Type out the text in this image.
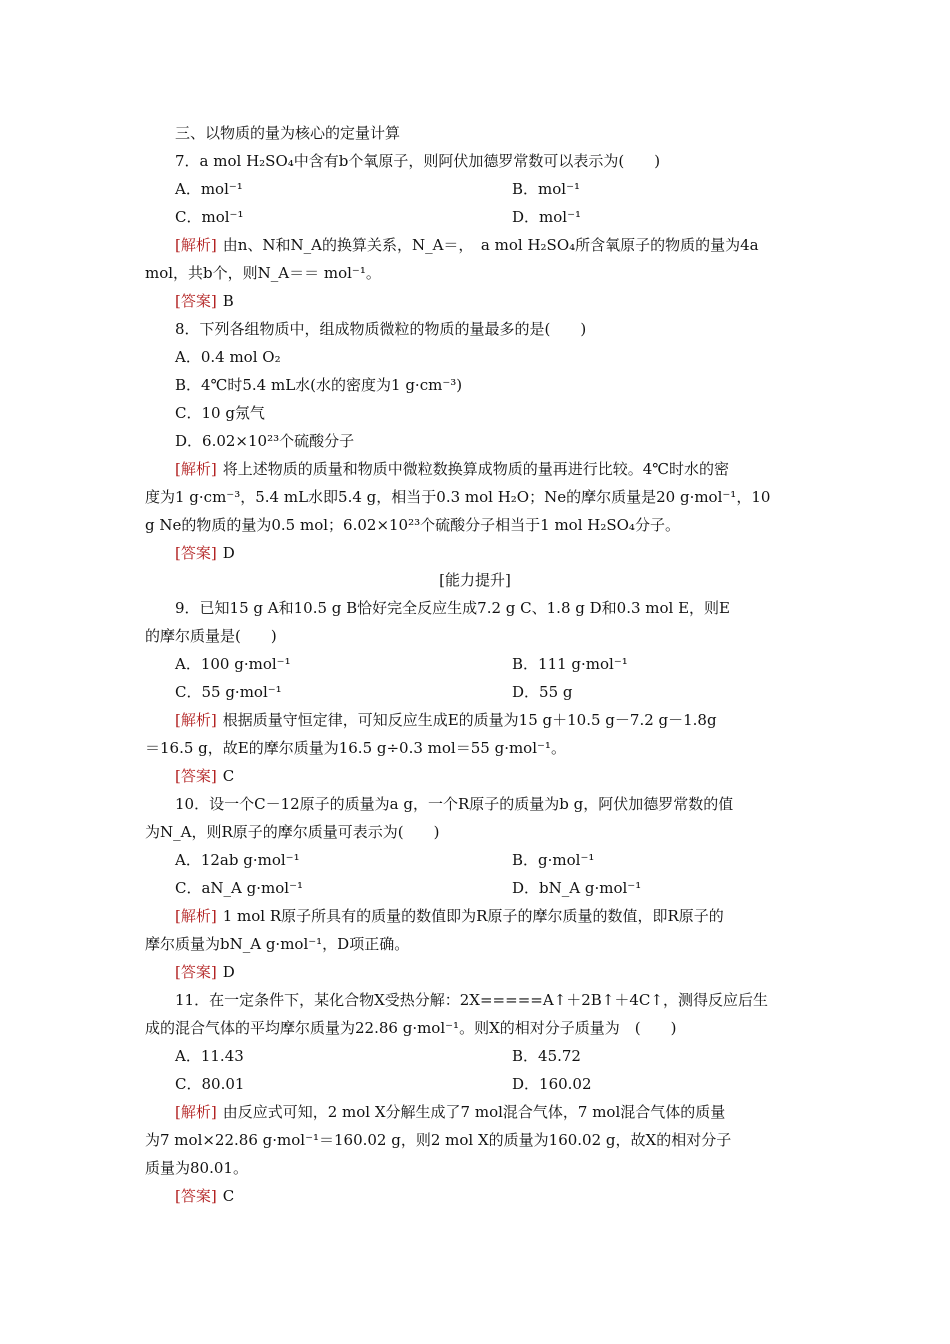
三、以物质的量为核心的定量计算
7．a mol H₂SO₄中含有b个氧原子，则阿伏加德罗常数可以表示为(　　)
A．mol⁻¹	B．mol⁻¹
C．mol⁻¹	D．mol⁻¹
[解析] 由n、N和N_A的换算关系，N_A＝，　a mol H₂SO₄所含氧原子的物质的量为4a
mol，共b个，则N_A＝＝ mol⁻¹。
[答案] B
8．下列各组物质中，组成物质微粒的物质的量最多的是(　　)
A．0.4 mol O₂
B．4℃时5.4 mL水(水的密度为1 g·cm⁻³)
C．10 g氖气
D．6.02×10²³个硫酸分子
[解析] 将上述物质的质量和物质中微粒数换算成物质的量再进行比较。4℃时水的密
度为1 g·cm⁻³，5.4 mL水即5.4 g，相当于0.3 mol H₂O；Ne的摩尔质量是20 g·mol⁻¹，10
g Ne的物质的量为0.5 mol；6.02×10²³个硫酸分子相当于1 mol H₂SO₄分子。
[答案] D
[能力提升]
9．已知15 g A和10.5 g B恰好完全反应生成7.2 g C、1.8 g D和0.3 mol E，则E
的摩尔质量是(　　)
A．100 g·mol⁻¹	B．111 g·mol⁻¹
C．55 g·mol⁻¹	D．55 g
[解析] 根据质量守恒定律，可知反应生成E的质量为15 g＋10.5 g－7.2 g－1.8g
＝16.5 g，故E的摩尔质量为16.5 g÷0.3 mol＝55 g·mol⁻¹。
[答案] C
10．设一个C－12原子的质量为a g，一个R原子的质量为b g，阿伏加德罗常数的值
为N_A，则R原子的摩尔质量可表示为(　　)
A．12ab g·mol⁻¹	B．g·mol⁻¹
C．aN_A g·mol⁻¹	D．bN_A g·mol⁻¹
[解析] 1 mol R原子所具有的质量的数值即为R原子的摩尔质量的数值，即R原子的
摩尔质量为bN_A g·mol⁻¹，D项正确。
[答案] D
11．在一定条件下，某化合物X受热分解：2X=====A↑＋2B↑＋4C↑，测得反应后生
成的混合气体的平均摩尔质量为22.86 g·mol⁻¹。则X的相对分子质量为　(　　)
A．11.43	B．45.72
C．80.01	D．160.02
[解析] 由反应式可知，2 mol X分解生成了7 mol混合气体，7 mol混合气体的质量
为7 mol×22.86 g·mol⁻¹＝160.02 g，则2 mol X的质量为160.02 g，故X的相对分子
质量为80.01。
[答案] C
